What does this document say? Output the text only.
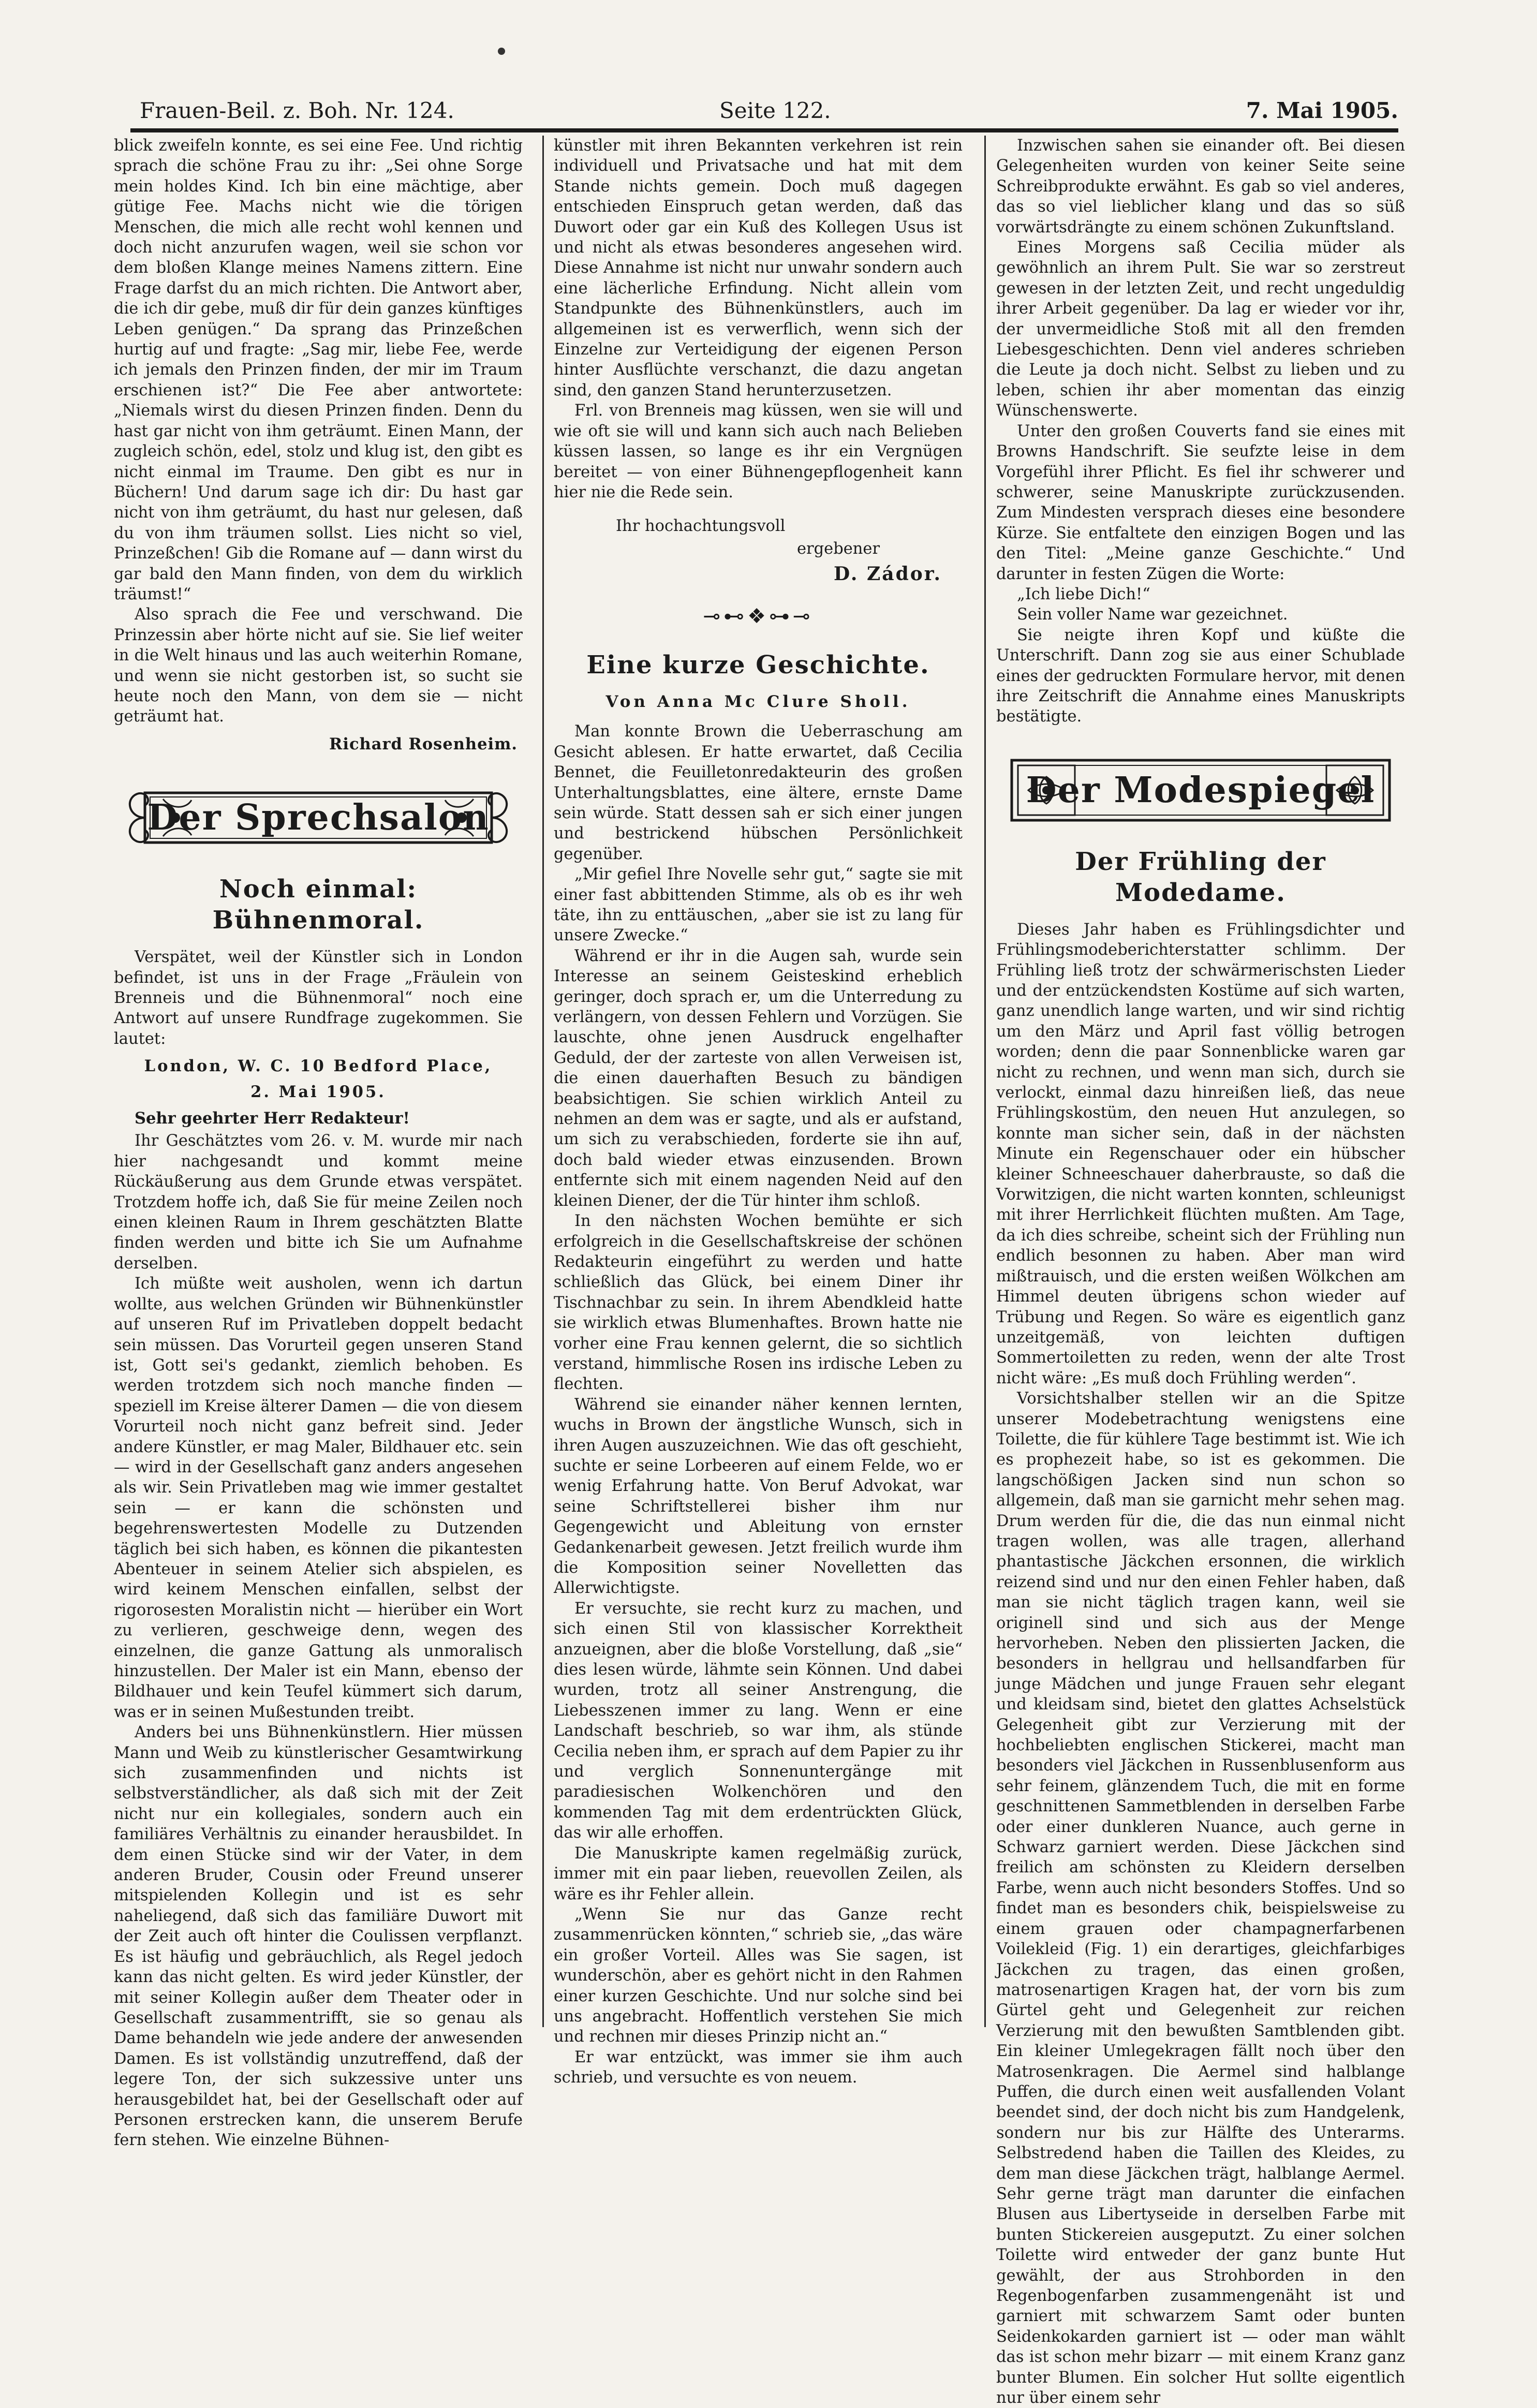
Frauen-Beil. z. Boh. Nr. 124.	Seite 122.	7. Mai 1905.

blick zweifeln konnte, es sei eine Fee. Und richtig sprach die schöne Frau zu ihr: „Sei ohne Sorge mein holdes Kind. Ich bin eine mächtige, aber gütige Fee. Machs nicht wie die törigen Menschen, die mich alle recht wohl kennen und doch nicht anzurufen wagen, weil sie schon vor dem bloßen Klange meines Namens zittern. Eine Frage darfst du an mich richten. Die Antwort aber, die ich dir gebe, muß dir für dein ganzes künftiges Leben genügen.“ Da sprang das Prinzeßchen hurtig auf und fragte: „Sag mir, liebe Fee, werde ich jemals den Prinzen finden, der mir im Traum erschienen ist?“ Die Fee aber antwortete: „Niemals wirst du diesen Prinzen finden. Denn du hast gar nicht von ihm geträumt. Einen Mann, der zugleich schön, edel, stolz und klug ist, den gibt es nicht einmal im Traume. Den gibt es nur in Büchern! Und darum sage ich dir: Du hast gar nicht von ihm geträumt, du hast nur gelesen, daß du von ihm träumen sollst. Lies nicht so viel, Prinzeßchen! Gib die Romane auf — dann wirst du gar bald den Mann finden, von dem du wirklich träumst!“

Also sprach die Fee und verschwand. Die Prinzessin aber hörte nicht auf sie. Sie lief weiter in die Welt hinaus und las auch weiterhin Romane, und wenn sie nicht gestorben ist, so sucht sie heute noch den Mann, von dem sie — nicht geträumt hat.

Richard Rosenheim.
Der Sprechsalon
Noch einmal: Bühnenmoral.

Verspätet, weil der Künstler sich in London befindet, ist uns in der Frage „Fräulein von Brenneis und die Bühnenmoral“ noch eine Antwort auf unsere Rundfrage zugekommen. Sie lautet:

London, W. C. 10 Bedford Place,
2. Mai 1905.
Sehr geehrter Herr Redakteur!

Ihr Geschätztes vom 26. v. M. wurde mir nach hier nachgesandt und kommt meine Rückäußerung aus dem Grunde etwas verspätet. Trotzdem hoffe ich, daß Sie für meine Zeilen noch einen kleinen Raum in Ihrem geschätzten Blatte finden werden und bitte ich Sie um Aufnahme derselben.

Ich müßte weit ausholen, wenn ich dartun wollte, aus welchen Gründen wir Bühnenkünstler auf unseren Ruf im Privatleben doppelt bedacht sein müssen. Das Vorurteil gegen unseren Stand ist, Gott sei's gedankt, ziemlich behoben. Es werden trotzdem sich noch manche finden — speziell im Kreise älterer Damen — die von diesem Vorurteil noch nicht ganz befreit sind. Jeder andere Künstler, er mag Maler, Bildhauer etc. sein — wird in der Gesellschaft ganz anders angesehen als wir. Sein Privatleben mag wie immer gestaltet sein — er kann die schönsten und begehrenswertesten Modelle zu Dutzenden täglich bei sich haben, es können die pikantesten Abenteuer in seinem Atelier sich abspielen, es wird keinem Menschen einfallen, selbst der rigorosesten Moralistin nicht — hierüber ein Wort zu verlieren, geschweige denn, wegen des einzelnen, die ganze Gattung als unmoralisch hinzustellen. Der Maler ist ein Mann, ebenso der Bildhauer und kein Teufel kümmert sich darum, was er in seinen Mußestunden treibt.

Anders bei uns Bühnenkünstlern. Hier müssen Mann und Weib zu künstlerischer Gesamtwirkung sich zusammenfinden und nichts ist selbstverständlicher, als daß sich mit der Zeit nicht nur ein kollegiales, sondern auch ein familiäres Verhältnis zu einander herausbildet. In dem einen Stücke sind wir der Vater, in dem anderen Bruder, Cousin oder Freund unserer mitspielenden Kollegin und ist es sehr naheliegend, daß sich das familiäre Duwort mit der Zeit auch oft hinter die Coulissen verpflanzt. Es ist häufig und gebräuchlich, als Regel jedoch kann das nicht gelten. Es wird jeder Künstler, der mit seiner Kollegin außer dem Theater oder in Gesellschaft zusammentrifft, sie so genau als Dame behandeln wie jede andere der anwesenden Damen. Es ist vollständig unzutreffend, daß der legere Ton, der sich sukzessive unter uns herausgebildet hat, bei der Gesellschaft oder auf Personen erstrecken kann, die unserem Berufe fern stehen. Wie einzelne Bühnen-

künstler mit ihren Bekannten verkehren ist rein individuell und Privatsache und hat mit dem Stande nichts gemein. Doch muß dagegen entschieden Einspruch getan werden, daß das Duwort oder gar ein Kuß des Kollegen Usus ist und nicht als etwas besonderes angesehen wird. Diese Annahme ist nicht nur unwahr sondern auch eine lächerliche Erfindung. Nicht allein vom Standpunkte des Bühnenkünstlers, auch im allgemeinen ist es verwerflich, wenn sich der Einzelne zur Verteidigung der eigenen Person hinter Ausflüchte verschanzt, die dazu angetan sind, den ganzen Stand herunterzusetzen.

Frl. von Brenneis mag küssen, wen sie will und wie oft sie will und kann sich auch nach Belieben küssen lassen, so lange es ihr ein Vergnügen bereitet — von einer Bühnengepflogenheit kann hier nie die Rede sein.

Ihr hochachtungsvoll
ergebener
D. Zádor.
⊸⊷❖⊶⊸
Eine kurze Geschichte.
Von Anna Mc Clure Sholl.

Man konnte Brown die Ueberraschung am Gesicht ablesen. Er hatte erwartet, daß Cecilia Bennet, die Feuilletonredakteurin des großen Unterhaltungsblattes, eine ältere, ernste Dame sein würde. Statt dessen sah er sich einer jungen und bestrickend hübschen Persönlichkeit gegenüber.

„Mir gefiel Ihre Novelle sehr gut,“ sagte sie mit einer fast abbittenden Stimme, als ob es ihr weh täte, ihn zu enttäuschen, „aber sie ist zu lang für unsere Zwecke.“

Während er ihr in die Augen sah, wurde sein Interesse an seinem Geisteskind erheblich geringer, doch sprach er, um die Unterredung zu verlängern, von dessen Fehlern und Vorzügen. Sie lauschte, ohne jenen Ausdruck engelhafter Geduld, der der zarteste von allen Verweisen ist, die einen dauerhaften Besuch zu bändigen beabsichtigen. Sie schien wirklich Anteil zu nehmen an dem was er sagte, und als er aufstand, um sich zu verabschieden, forderte sie ihn auf, doch bald wieder etwas einzusenden. Brown entfernte sich mit einem nagenden Neid auf den kleinen Diener, der die Tür hinter ihm schloß.

In den nächsten Wochen bemühte er sich erfolgreich in die Gesellschaftskreise der schönen Redakteurin eingeführt zu werden und hatte schließlich das Glück, bei einem Diner ihr Tischnachbar zu sein. In ihrem Abendkleid hatte sie wirklich etwas Blumenhaftes. Brown hatte nie vorher eine Frau kennen gelernt, die so sichtlich verstand, himmlische Rosen ins irdische Leben zu flechten.

Während sie einander näher kennen lernten, wuchs in Brown der ängstliche Wunsch, sich in ihren Augen auszuzeichnen. Wie das oft geschieht, suchte er seine Lorbeeren auf einem Felde, wo er wenig Erfahrung hatte. Von Beruf Advokat, war seine Schriftstellerei bisher ihm nur Gegengewicht und Ableitung von ernster Gedankenarbeit gewesen. Jetzt freilich wurde ihm die Komposition seiner Novelletten das Allerwichtigste.

Er versuchte, sie recht kurz zu machen, und sich einen Stil von klassischer Korrektheit anzueignen, aber die bloße Vorstellung, daß „sie“ dies lesen würde, lähmte sein Können. Und dabei wurden, trotz all seiner Anstrengung, die Liebesszenen immer zu lang. Wenn er eine Landschaft beschrieb, so war ihm, als stünde Cecilia neben ihm, er sprach auf dem Papier zu ihr und verglich Sonnenuntergänge mit paradiesischen Wolkenchören und den kommenden Tag mit dem erdentrückten Glück, das wir alle erhoffen.

Die Manuskripte kamen regelmäßig zurück, immer mit ein paar lieben, reuevollen Zeilen, als wäre es ihr Fehler allein.

„Wenn Sie nur das Ganze recht zusammenrücken könnten,“ schrieb sie, „das wäre ein großer Vorteil. Alles was Sie sagen, ist wunderschön, aber es gehört nicht in den Rahmen einer kurzen Geschichte. Und nur solche sind bei uns angebracht. Hoffentlich verstehen Sie mich und rechnen mir dieses Prinzip nicht an.“

Er war entzückt, was immer sie ihm auch schrieb, und versuchte es von neuem.

Inzwischen sahen sie einander oft. Bei diesen Gelegenheiten wurden von keiner Seite seine Schreibprodukte erwähnt. Es gab so viel anderes, das so viel lieblicher klang und das so süß vorwärtsdrängte zu einem schönen Zukunftsland.

Eines Morgens saß Cecilia müder als gewöhnlich an ihrem Pult. Sie war so zerstreut gewesen in der letzten Zeit, und recht ungeduldig ihrer Arbeit gegenüber. Da lag er wieder vor ihr, der unvermeidliche Stoß mit all den fremden Liebesgeschichten. Denn viel anderes schrieben die Leute ja doch nicht. Selbst zu lieben und zu leben, schien ihr aber momentan das einzig Wünschenswerte.

Unter den großen Couverts fand sie eines mit Browns Handschrift. Sie seufzte leise in dem Vorgefühl ihrer Pflicht. Es fiel ihr schwerer und schwerer, seine Manuskripte zurückzusenden. Zum Mindesten versprach dieses eine besondere Kürze. Sie entfaltete den einzigen Bogen und las den Titel: „Meine ganze Geschichte.“ Und darunter in festen Zügen die Worte:

„Ich liebe Dich!“

Sein voller Name war gezeichnet.

Sie neigte ihren Kopf und küßte die Unterschrift. Dann zog sie aus einer Schublade eines der gedruckten Formulare hervor, mit denen ihre Zeitschrift die Annahme eines Manuskripts bestätigte.

Der Modespiegel
Der Frühling der Modedame.

Dieses Jahr haben es Frühlingsdichter und Frühlingsmodeberichterstatter schlimm. Der Frühling ließ trotz der schwärmerischsten Lieder und der entzückendsten Kostüme auf sich warten, ganz unendlich lange warten, und wir sind richtig um den März und April fast völlig betrogen worden; denn die paar Sonnenblicke waren gar nicht zu rechnen, und wenn man sich, durch sie verlockt, einmal dazu hinreißen ließ, das neue Frühlingskostüm, den neuen Hut anzulegen, so konnte man sicher sein, daß in der nächsten Minute ein Regenschauer oder ein hübscher kleiner Schneeschauer daherbrauste, so daß die Vorwitzigen, die nicht warten konnten, schleunigst mit ihrer Herrlichkeit flüchten mußten. Am Tage, da ich dies schreibe, scheint sich der Frühling nun endlich besonnen zu haben. Aber man wird mißtrauisch, und die ersten weißen Wölkchen am Himmel deuten übrigens schon wieder auf Trübung und Regen. So wäre es eigentlich ganz unzeitgemäß, von leichten duftigen Sommertoiletten zu reden, wenn der alte Trost nicht wäre: „Es muß doch Frühling werden“.

Vorsichtshalber stellen wir an die Spitze unserer Modebetrachtung wenigstens eine Toilette, die für kühlere Tage bestimmt ist. Wie ich es prophezeit habe, so ist es gekommen. Die langschößigen Jacken sind nun schon so allgemein, daß man sie garnicht mehr sehen mag. Drum werden für die, die das nun einmal nicht tragen wollen, was alle tragen, allerhand phantastische Jäckchen ersonnen, die wirklich reizend sind und nur den einen Fehler haben, daß man sie nicht täglich tragen kann, weil sie originell sind und sich aus der Menge hervorheben. Neben den plissierten Jacken, die besonders in hellgrau und hellsandfarben für junge Mädchen und junge Frauen sehr elegant und kleidsam sind, bietet den glattes Achselstück Gelegenheit gibt zur Verzierung mit der hochbeliebten englischen Stickerei, macht man besonders viel Jäckchen in Russenblusenform aus sehr feinem, glänzendem Tuch, die mit en forme geschnittenen Sammetblenden in derselben Farbe oder einer dunkleren Nuance, auch gerne in Schwarz garniert werden. Diese Jäckchen sind freilich am schönsten zu Kleidern derselben Farbe, wenn auch nicht besonders Stoffes. Und so findet man es besonders chik, beispielsweise zu einem grauen oder champagnerfarbenen Voilekleid (Fig. 1) ein derartiges, gleichfarbiges Jäckchen zu tragen, das einen großen, matrosenartigen Kragen hat, der vorn bis zum Gürtel geht und Gelegenheit zur reichen Verzierung mit den bewußten Samtblenden gibt. Ein kleiner Umlegekragen fällt noch über den Matrosenkragen. Die Aermel sind halblange Puffen, die durch einen weit ausfallenden Volant beendet sind, der doch nicht bis zum Handgelenk, sondern nur bis zur Hälfte des Unterarms. Selbstredend haben die Taillen des Kleides, zu dem man diese Jäckchen trägt, halblange Aermel. Sehr gerne trägt man darunter die einfachen Blusen aus Libertyseide in derselben Farbe mit bunten Stickereien ausgeputzt. Zu einer solchen Toilette wird entweder der ganz bunte Hut gewählt, der aus Strohborden in den Regenbogenfarben zusammengenäht ist und garniert mit schwarzem Samt oder bunten Seidenkokarden garniert ist — oder man wählt das ist schon mehr bizarr — mit einem Kranz ganz bunter Blumen. Ein solcher Hut sollte eigentlich nur über einem sehr
